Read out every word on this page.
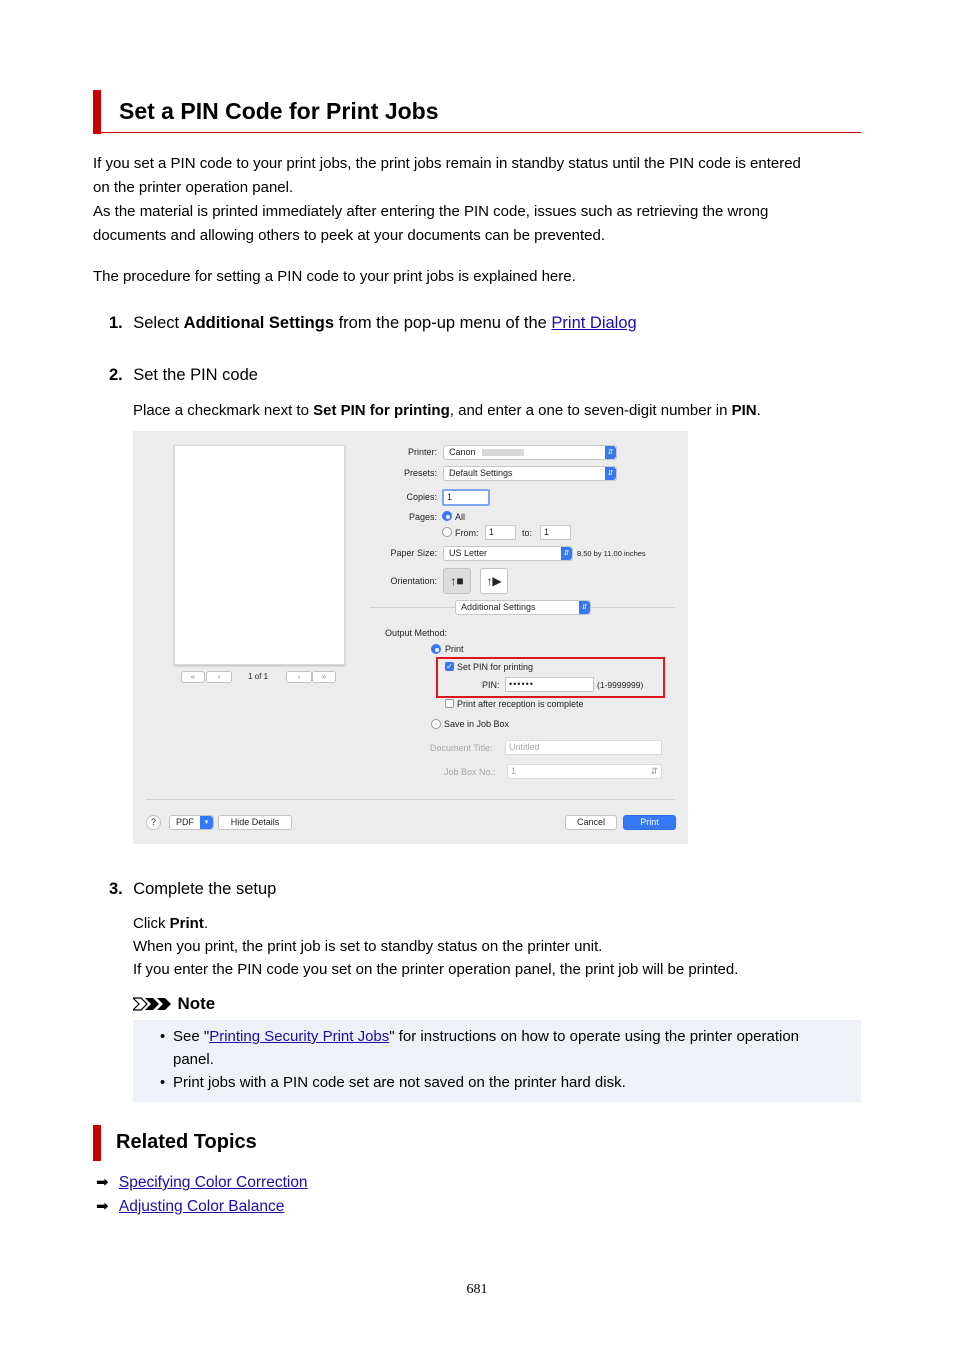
Set a PIN Code for Print Jobs
If you set a PIN code to your print jobs, the print jobs remain in standby status until the PIN code is entered
on the printer operation panel.
As the material is printed immediately after entering the PIN code, issues such as retrieving the wrong
documents and allowing others to peek at your documents can be prevented.
The procedure for setting a PIN code to your print jobs is explained here.
1. Select Additional Settings from the pop-up menu of the Print Dialog
2. Set the PIN code
Place a checkmark next to Set PIN for printing, and enter a one to seven-digit number in PIN.
«	‹	1 of 1	›	»
Printer:	Canon	⇵
Presets:	Default Settings	⇵
Copies:	1
Pages: All
From:	1	to:	1
Paper Size:	US Letter	⇵	8.50 by 11.00 inches
Orientation:	↑■	↑▶
Additional Settings	⇵
Output Method:
Print
✓ Set PIN for printing
PIN:	••••••	(1-9999999)
Print after reception is complete
Save in Job Box
Document Title:	Untitled
Job Box No.:	1	⇵
?	PDF	▾	Hide Details	Cancel	Print
3. Complete the setup
Click Print.
When you print, the print job is set to standby status on the printer unit.
If you enter the PIN code you set on the printer operation panel, the print job will be printed.
Note
• See "Printing Security Print Jobs" for instructions on how to operate using the printer operation
panel.
• Print jobs with a PIN code set are not saved on the printer hard disk.
Related Topics
➡ Specifying Color Correction
➡ Adjusting Color Balance
681
